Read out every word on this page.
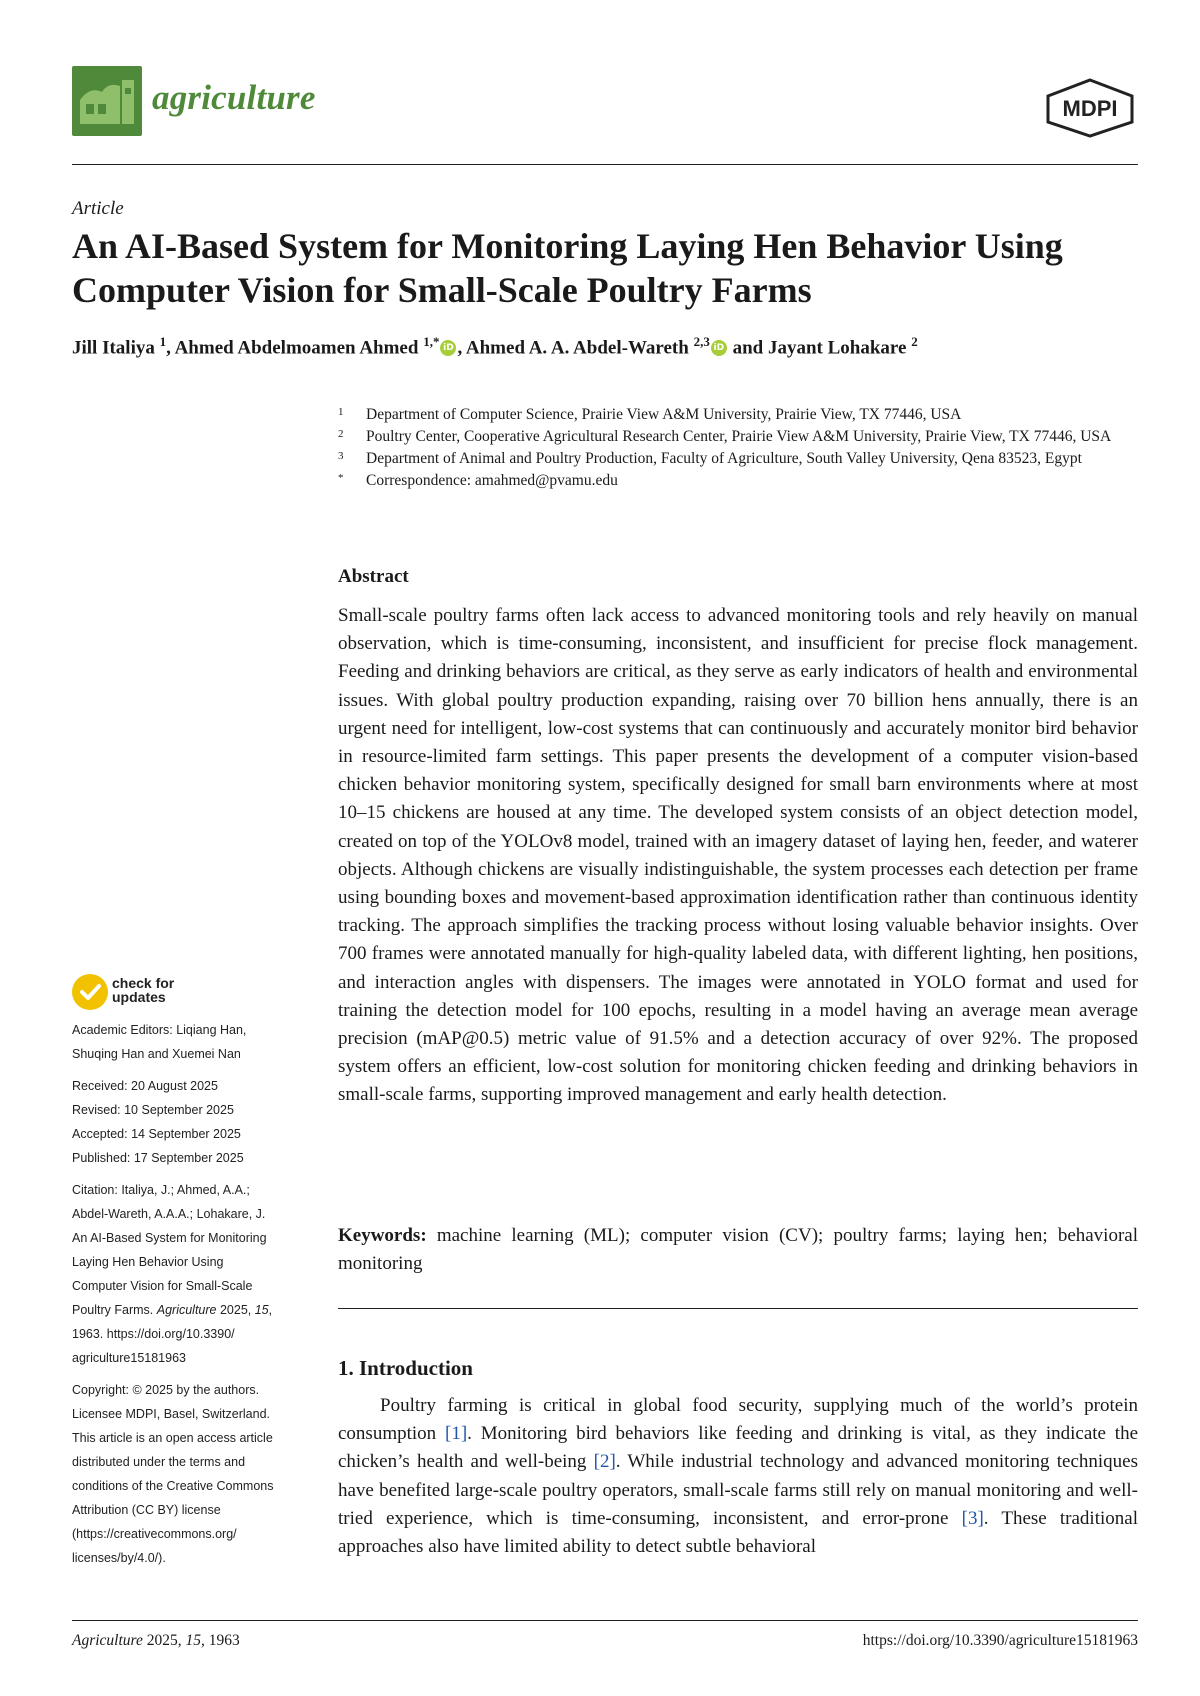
agriculture	MDPI
Article
An AI-Based System for Monitoring Laying Hen Behavior Using Computer Vision for Small-Scale Poultry Farms
Jill Italiya $^1$, Ahmed Abdelmoamen Ahmed $^{1,*}$ iD , Ahmed A. A. Abdel-Wareth $^{2,3}$ iD and Jayant Lohakare $^2$
1 Department of Computer Science, Prairie View A&M University, Prairie View, TX 77446, USA
2 Poultry Center, Cooperative Agricultural Research Center, Prairie View A&M University, Prairie View, TX 77446, USA
3 Department of Animal and Poultry Production, Faculty of Agriculture, South Valley University, Qena 83523, Egypt
* Correspondence: amahmed@pvamu.edu
Abstract
Small-scale poultry farms often lack access to advanced monitoring tools and rely heavily on manual observation, which is time-consuming, inconsistent, and insufficient for precise flock management. Feeding and drinking behaviors are critical, as they serve as early indicators of health and environmental issues. With global poultry production expanding, raising over 70 billion hens annually, there is an urgent need for intelligent, low-cost systems that can continuously and accurately monitor bird behavior in resource-limited farm settings. This paper presents the development of a computer vision-based chicken behavior monitoring system, specifically designed for small barn environments where at most 10–15 chickens are housed at any time. The developed system consists of an object detection model, created on top of the YOLOv8 model, trained with an imagery dataset of laying hen, feeder, and waterer objects. Although chickens are visually indistinguishable, the system processes each detection per frame using bounding boxes and movement-based approximation identification rather than continuous identity tracking. The approach simplifies the tracking process without losing valuable behavior insights. Over 700 frames were annotated manually for high-quality labeled data, with different lighting, hen positions, and interaction angles with dispensers. The images were annotated in YOLO format and used for training the detection model for 100 epochs, resulting in a model having an average mean average precision (mAP@0.5) metric value of 91.5% and a detection accuracy of over 92%. The proposed system offers an efficient, low-cost solution for monitoring chicken feeding and drinking behaviors in small-scale farms, supporting improved management and early health detection.
Keywords: machine learning (ML); computer vision (CV); poultry farms; laying hen; behavioral monitoring
1. Introduction
Poultry farming is critical in global food security, supplying much of the world’s protein consumption [1]. Monitoring bird behaviors like feeding and drinking is vital, as they indicate the chicken’s health and well-being [2]. While industrial technology and advanced monitoring techniques have benefited large-scale poultry operators, small-scale farms still rely on manual monitoring and well-tried experience, which is time-consuming, inconsistent, and error-prone [3]. These traditional approaches also have limited ability to detect subtle behavioral
check for
updates
Academic Editors: Liqiang Han,
Shuqing Han and Xuemei Nan
Received: 20 August 2025
Revised: 10 September 2025
Accepted: 14 September 2025
Published: 17 September 2025
Citation: Italiya, J.; Ahmed, A.A.;
Abdel-Wareth, A.A.A.; Lohakare, J.
An AI-Based System for Monitoring
Laying Hen Behavior Using
Computer Vision for Small-Scale
Poultry Farms. Agriculture 2025, 15,
1963. https://doi.org/10.3390/
agriculture15181963
Copyright: © 2025 by the authors.
Licensee MDPI, Basel, Switzerland.
This article is an open access article
distributed under the terms and
conditions of the Creative Commons
Attribution (CC BY) license
(https://creativecommons.org/
licenses/by/4.0/).
Agriculture 2025, 15, 1963	https://doi.org/10.3390/agriculture15181963
